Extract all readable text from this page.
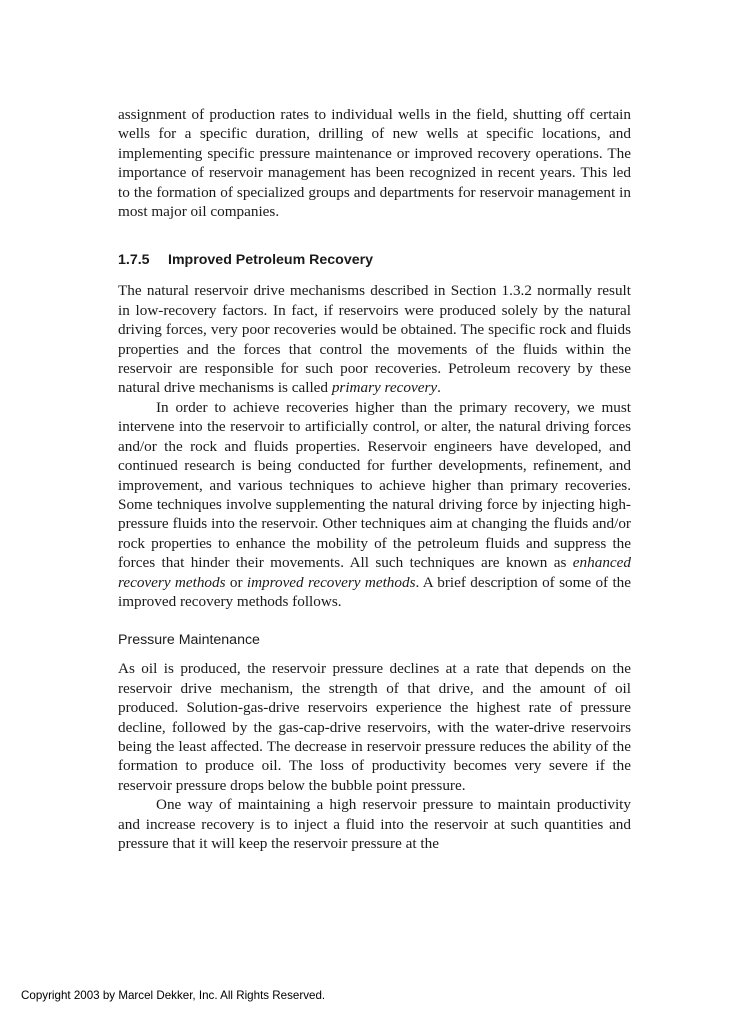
assignment of production rates to individual wells in the field, shutting off certain wells for a specific duration, drilling of new wells at specific locations, and implementing specific pressure maintenance or improved recovery operations. The importance of reservoir management has been recognized in recent years. This led to the formation of specialized groups and departments for reservoir management in most major oil companies.

1.7.5 Improved Petroleum Recovery

The natural reservoir drive mechanisms described in Section 1.3.2 normally result in low-recovery factors. In fact, if reservoirs were produced solely by the natural driving forces, very poor recoveries would be obtained. The specific rock and fluids properties and the forces that control the movements of the fluids within the reservoir are responsible for such poor recoveries. Petroleum recovery by these natural drive mechanisms is called primary recovery.

In order to achieve recoveries higher than the primary recovery, we must intervene into the reservoir to artificially control, or alter, the natural driving forces and/or the rock and fluids properties. Reservoir engineers have developed, and continued research is being conducted for further developments, refinement, and improvement, and various techniques to achieve higher than primary recoveries. Some techniques involve supplementing the natural driving force by injecting high-pressure fluids into the reservoir. Other techniques aim at changing the fluids and/or rock properties to enhance the mobility of the petroleum fluids and suppress the forces that hinder their movements. All such techniques are known as enhanced recovery methods or improved recovery methods. A brief description of some of the improved recovery methods follows.

Pressure Maintenance

As oil is produced, the reservoir pressure declines at a rate that depends on the reservoir drive mechanism, the strength of that drive, and the amount of oil produced. Solution-gas-drive reservoirs experience the highest rate of pressure decline, followed by the gas-cap-drive reservoirs, with the water-drive reservoirs being the least affected. The decrease in reservoir pressure reduces the ability of the formation to produce oil. The loss of productivity becomes very severe if the reservoir pressure drops below the bubble point pressure.

One way of maintaining a high reservoir pressure to maintain productivity and increase recovery is to inject a fluid into the reservoir at such quantities and pressure that it will keep the reservoir pressure at the

Copyright 2003 by Marcel Dekker, Inc. All Rights Reserved.
